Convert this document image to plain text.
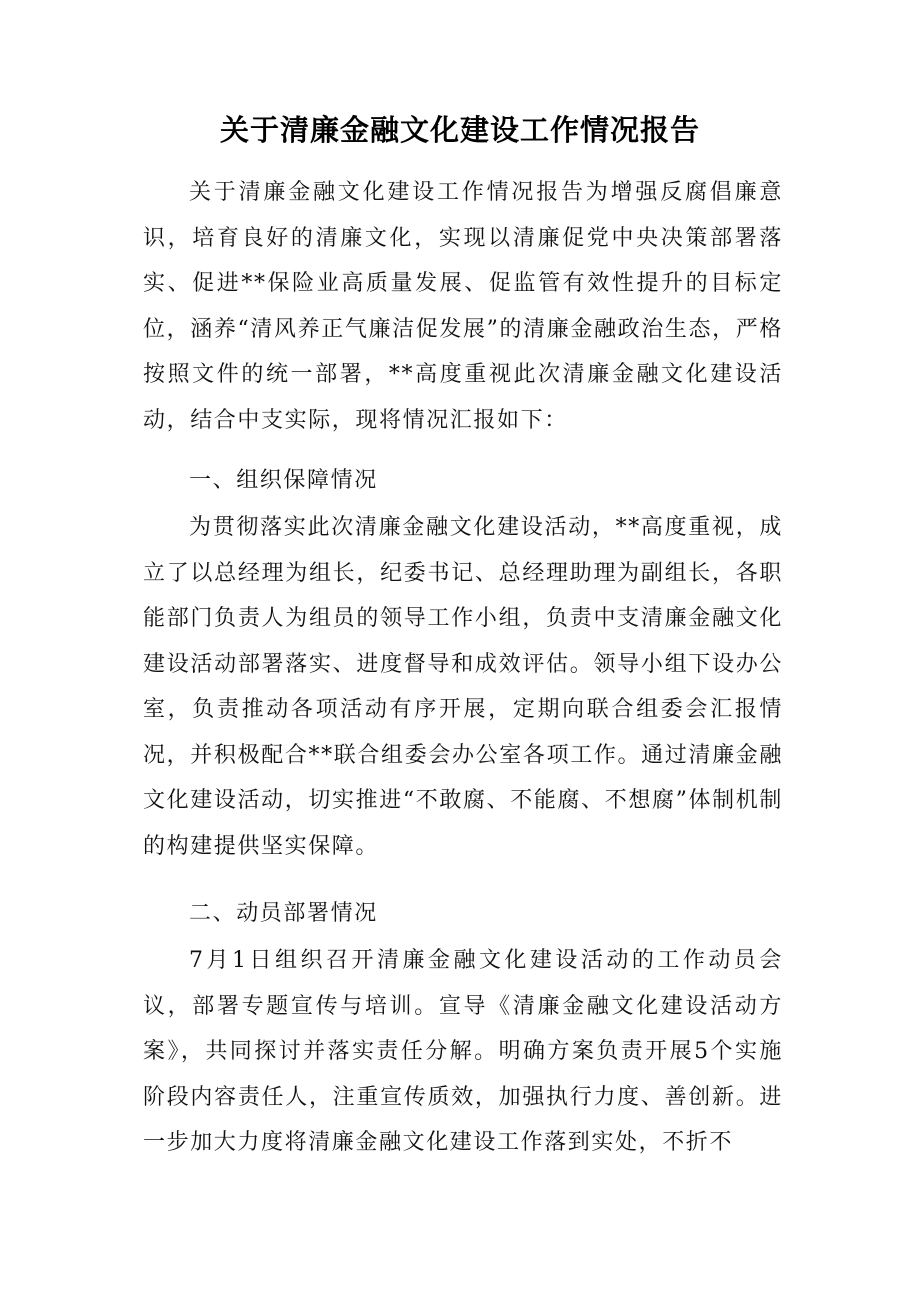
关于清廉金融文化建设工作情况报告

关于清廉金融文化建设工作情况报告为增强反腐倡廉意识，培育良好的清廉文化，实现以清廉促党中央决策部署落实、促进**保险业高质量发展、促监管有效性提升的目标定位，涵养“清风养正气廉洁促发展”的清廉金融政治生态，严格按照文件的统一部署，**高度重视此次清廉金融文化建设活动，结合中支实际，现将情况汇报如下：

一、组织保障情况

为贯彻落实此次清廉金融文化建设活动，**高度重视，成立了以总经理为组长，纪委书记、总经理助理为副组长，各职能部门负责人为组员的领导工作小组，负责中支清廉金融文化建设活动部署落实、进度督导和成效评估。领导小组下设办公室，负责推动各项活动有序开展，定期向联合组委会汇报情况，并积极配合**联合组委会办公室各项工作。通过清廉金融文化建设活动，切实推进“不敢腐、不能腐、不想腐”体制机制的构建提供坚实保障。

二、动员部署情况

7月1日组织召开清廉金融文化建设活动的工作动员会议，部署专题宣传与培训。宣导《清廉金融文化建设活动方案》，共同探讨并落实责任分解。明确方案负责开展5个实施阶段内容责任人，注重宣传质效，加强执行力度、善创新。进一步加大力度将清廉金融文化建设工作落到实处，不折不
